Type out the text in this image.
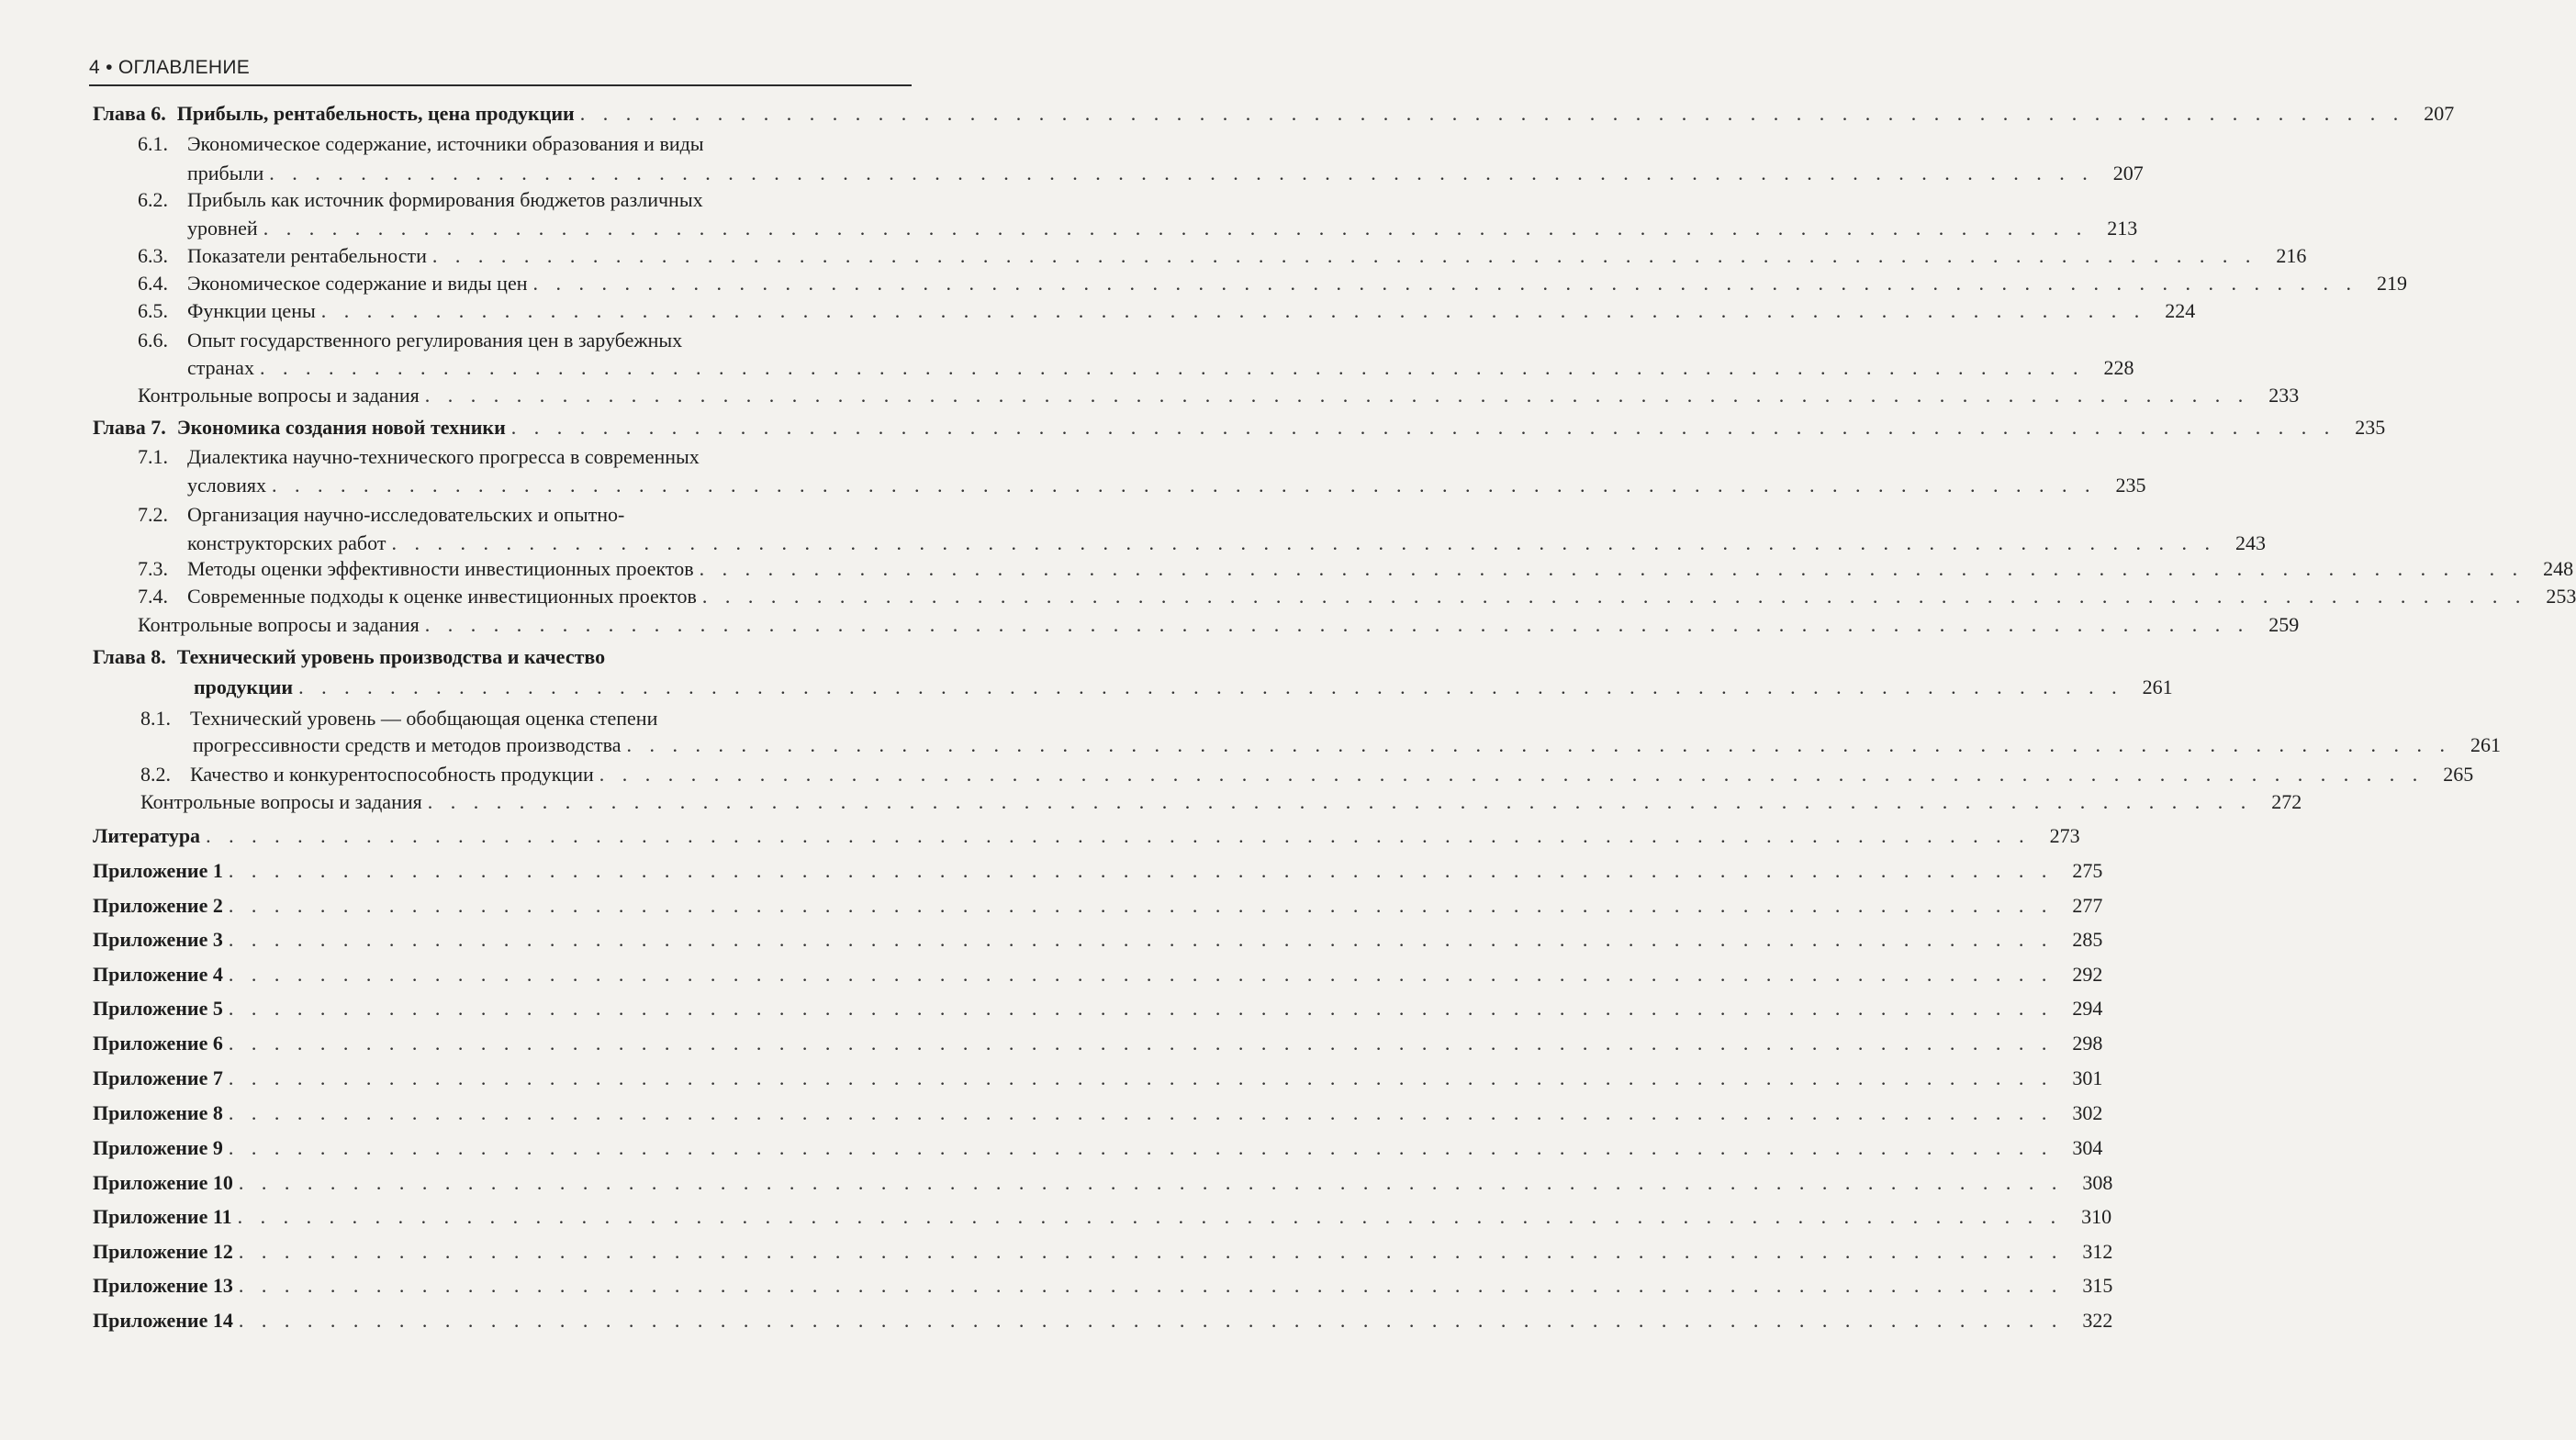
4 • ОГЛАВЛЕНИЕ
Глава 6. Прибыль, рентабельность, цена продукции . . . . . . . . . . . . . . . . . . . . . . . . . . . . . . . . . . . . . . . . . . . . . . . . . . . . . . . . . . . . . . . . . . . . . . . . . . . . . . . . 207
6.1. Экономическое содержание, источники образования и виды
прибыли . . . . . . . . . . . . . . . . . . . . . . . . . . . . . . . . . . . . . . . . . . . . . . . . . . . . . . . . . . . . . . . . . . . . . . . . . . . . . . . . 207
6.2. Прибыль как источник формирования бюджетов различных
уровней . . . . . . . . . . . . . . . . . . . . . . . . . . . . . . . . . . . . . . . . . . . . . . . . . . . . . . . . . . . . . . . . . . . . . . . . . . . . . . . . 213
6.3. Показатели рентабельности . . . . . . . . . . . . . . . . . . . . . . . . . . . . . . . . . . . . . . . . . . . . . . . . . . . . . . . . . . . . . . . . . . . . . . . . . . . . . . . . 216
6.4. Экономическое содержание и виды цен . . . . . . . . . . . . . . . . . . . . . . . . . . . . . . . . . . . . . . . . . . . . . . . . . . . . . . . . . . . . . . . . . . . . . . . . . . . . . . . . 219
6.5. Функции цены . . . . . . . . . . . . . . . . . . . . . . . . . . . . . . . . . . . . . . . . . . . . . . . . . . . . . . . . . . . . . . . . . . . . . . . . . . . . . . . . 224
6.6. Опыт государственного регулирования цен в зарубежных
странах . . . . . . . . . . . . . . . . . . . . . . . . . . . . . . . . . . . . . . . . . . . . . . . . . . . . . . . . . . . . . . . . . . . . . . . . . . . . . . . . 228
Контрольные вопросы и задания . . . . . . . . . . . . . . . . . . . . . . . . . . . . . . . . . . . . . . . . . . . . . . . . . . . . . . . . . . . . . . . . . . . . . . . . . . . . . . . . 233
Глава 7. Экономика создания новой техники . . . . . . . . . . . . . . . . . . . . . . . . . . . . . . . . . . . . . . . . . . . . . . . . . . . . . . . . . . . . . . . . . . . . . . . . . . . . . . . . 235
7.1. Диалектика научно-технического прогресса в современных
условиях . . . . . . . . . . . . . . . . . . . . . . . . . . . . . . . . . . . . . . . . . . . . . . . . . . . . . . . . . . . . . . . . . . . . . . . . . . . . . . . . 235
7.2. Организация научно-исследовательских и опытно-
конструкторских работ . . . . . . . . . . . . . . . . . . . . . . . . . . . . . . . . . . . . . . . . . . . . . . . . . . . . . . . . . . . . . . . . . . . . . . . . . . . . . . . . 243
7.3. Методы оценки эффективности инвестиционных проектов . . . . . . . . . . . . . . . . . . . . . . . . . . . . . . . . . . . . . . . . . . . . . . . . . . . . . . . . . . . . . . . . . . . . . . . . . . . . . . . . 248
7.4. Современные подходы к оценке инвестиционных проектов . . . . . . . . . . . . . . . . . . . . . . . . . . . . . . . . . . . . . . . . . . . . . . . . . . . . . . . . . . . . . . . . . . . . . . . . . . . . . . . . 253
Контрольные вопросы и задания . . . . . . . . . . . . . . . . . . . . . . . . . . . . . . . . . . . . . . . . . . . . . . . . . . . . . . . . . . . . . . . . . . . . . . . . . . . . . . . . 259
Глава 8. Технический уровень производства и качество
продукции . . . . . . . . . . . . . . . . . . . . . . . . . . . . . . . . . . . . . . . . . . . . . . . . . . . . . . . . . . . . . . . . . . . . . . . . . . . . . . . . 261
8.1. Технический уровень — обобщающая оценка степени
прогрессивности средств и методов производства . . . . . . . . . . . . . . . . . . . . . . . . . . . . . . . . . . . . . . . . . . . . . . . . . . . . . . . . . . . . . . . . . . . . . . . . . . . . . . . . 261
8.2. Качество и конкурентоспособность продукции . . . . . . . . . . . . . . . . . . . . . . . . . . . . . . . . . . . . . . . . . . . . . . . . . . . . . . . . . . . . . . . . . . . . . . . . . . . . . . . . 265
Контрольные вопросы и задания . . . . . . . . . . . . . . . . . . . . . . . . . . . . . . . . . . . . . . . . . . . . . . . . . . . . . . . . . . . . . . . . . . . . . . . . . . . . . . . . 272
Литература . . . . . . . . . . . . . . . . . . . . . . . . . . . . . . . . . . . . . . . . . . . . . . . . . . . . . . . . . . . . . . . . . . . . . . . . . . . . . . . . 273
Приложение 1 . . . . . . . . . . . . . . . . . . . . . . . . . . . . . . . . . . . . . . . . . . . . . . . . . . . . . . . . . . . . . . . . . . . . . . . . . . . . . . . . 275
Приложение 2 . . . . . . . . . . . . . . . . . . . . . . . . . . . . . . . . . . . . . . . . . . . . . . . . . . . . . . . . . . . . . . . . . . . . . . . . . . . . . . . . 277
Приложение 3 . . . . . . . . . . . . . . . . . . . . . . . . . . . . . . . . . . . . . . . . . . . . . . . . . . . . . . . . . . . . . . . . . . . . . . . . . . . . . . . . 285
Приложение 4 . . . . . . . . . . . . . . . . . . . . . . . . . . . . . . . . . . . . . . . . . . . . . . . . . . . . . . . . . . . . . . . . . . . . . . . . . . . . . . . . 292
Приложение 5 . . . . . . . . . . . . . . . . . . . . . . . . . . . . . . . . . . . . . . . . . . . . . . . . . . . . . . . . . . . . . . . . . . . . . . . . . . . . . . . . 294
Приложение 6 . . . . . . . . . . . . . . . . . . . . . . . . . . . . . . . . . . . . . . . . . . . . . . . . . . . . . . . . . . . . . . . . . . . . . . . . . . . . . . . . 298
Приложение 7 . . . . . . . . . . . . . . . . . . . . . . . . . . . . . . . . . . . . . . . . . . . . . . . . . . . . . . . . . . . . . . . . . . . . . . . . . . . . . . . . 301
Приложение 8 . . . . . . . . . . . . . . . . . . . . . . . . . . . . . . . . . . . . . . . . . . . . . . . . . . . . . . . . . . . . . . . . . . . . . . . . . . . . . . . . 302
Приложение 9 . . . . . . . . . . . . . . . . . . . . . . . . . . . . . . . . . . . . . . . . . . . . . . . . . . . . . . . . . . . . . . . . . . . . . . . . . . . . . . . . 304
Приложение 10 . . . . . . . . . . . . . . . . . . . . . . . . . . . . . . . . . . . . . . . . . . . . . . . . . . . . . . . . . . . . . . . . . . . . . . . . . . . . . . . . 308
Приложение 11 . . . . . . . . . . . . . . . . . . . . . . . . . . . . . . . . . . . . . . . . . . . . . . . . . . . . . . . . . . . . . . . . . . . . . . . . . . . . . . . . 310
Приложение 12 . . . . . . . . . . . . . . . . . . . . . . . . . . . . . . . . . . . . . . . . . . . . . . . . . . . . . . . . . . . . . . . . . . . . . . . . . . . . . . . . 312
Приложение 13 . . . . . . . . . . . . . . . . . . . . . . . . . . . . . . . . . . . . . . . . . . . . . . . . . . . . . . . . . . . . . . . . . . . . . . . . . . . . . . . . 315
Приложение 14 . . . . . . . . . . . . . . . . . . . . . . . . . . . . . . . . . . . . . . . . . . . . . . . . . . . . . . . . . . . . . . . . . . . . . . . . . . . . . . . . 322
